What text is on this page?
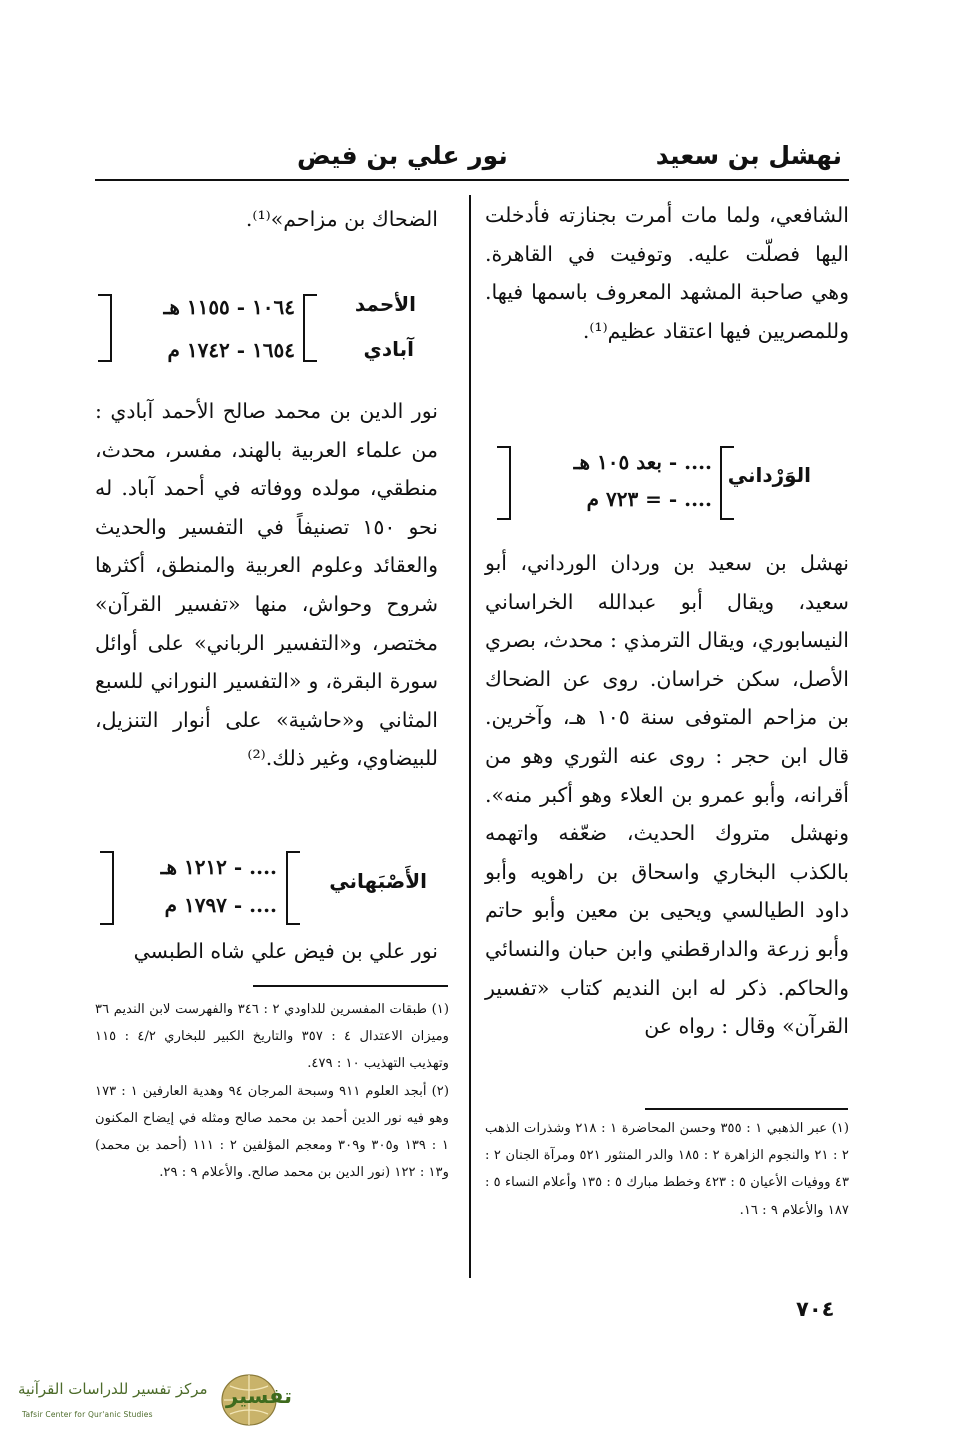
نهشل بن سعيد
نور علي بن فيض

الشافعي، ولما مات أمرت بجنازته فأدخلت اليها فصلّت عليه. وتوفيت في القاهرة. وهي صاحبة المشهد المعروف باسمها فيها. وللمصريين فيها اعتقاد عظيم⁽¹⁾.

الوَرْداني
.... - بعد ١٠٥ هـ
.... - = ٧٢٣ م

نهشل بن سعيد بن وردان الورداني، أبو سعيد، ويقال أبو عبدالله الخراساني النيسابوري، ويقال الترمذي : محدث، بصري الأصل، سكن خراسان. روى عن الضحاك بن مزاحم المتوفى سنة ١٠٥ هـ، وآخرين. قال ابن حجر : روى عنه الثوري وهو من أقرانه، وأبو عمرو بن العلاء وهو أكبر منه». ونهشل متروك الحديث، ضعّفه واتهمه بالكذب البخاري واسحاق بن راهويه وأبو داود الطيالسي ويحيى بن معين وأبو حاتم وأبو زرعة والدارقطني وابن حبان والنسائي والحاكم. ذكر له ابن النديم كتاب «تفسير القرآن» وقال : رواه عن

(١) عبر الذهبي ١ : ٣٥٥ وحسن المحاضرة ١ : ٢١٨ وشذرات الذهب ٢ : ٢١ والنجوم الزاهرة ٢ : ١٨٥ والدر المنثور ٥٢١ ومرآة الجنان ٢ : ٤٣ ووفيات الأعيان ٥ : ٤٢٣ وخطط مبارك ٥ : ١٣٥ وأعلام النساء ٥ : ١٨٧ والأعلام ٩ : ١٦.

الضحاك بن مزاحم»⁽¹⁾.

الأحمد
آبادي
١٠٦٤ - ١١٥٥ هـ
١٦٥٤ - ١٧٤٢ م

نور الدين بن محمد صالح الأحمد آبادي : من علماء العربية بالهند، مفسر، محدث، منطقي، مولده ووفاته في أحمد آباد. له نحو ١٥٠ تصنيفاً في التفسير والحديث والعقائد وعلوم العربية والمنطق، أكثرها شروح وحواش، منها «تفسير القرآن» مختصر، و«التفسير الرباني» على أوائل سورة البقرة، و «التفسير النوراني للسبع المثاني و«حاشية» على أنوار التنزيل، للبيضاوي، وغير ذلك.⁽²⁾

الأَصْبَهاني
.... - ١٢١٢ هـ
.... - ١٧٩٧ م

نور علي بن فيض علي شاه الطبسي

(١) طبقات المفسرين للداودي ٢ : ٣٤٦ والفهرست لابن النديم ٣٦ وميزان الاعتدال ٤ : ٣٥٧ والتاريخ الكبير للبخاري ٤/٢ : ١١٥ وتهذيب التهذيب ١٠ : ٤٧٩.

(٢) أبجد العلوم ٩١١ وسبحة المرجان ٩٤ وهدية العارفين ١ : ١٧٣ وهو فيه نور الدين أحمد بن محمد صالح ومثله في إيضاح المكنون ١ : ١٣٩ و٣٠٥ و٣٠٩ ومعجم المؤلفين ٢ : ١١١ (أحمد بن محمد) و١٣ : ١٢٢ (نور الدين بن محمد صالح. والأعلام ٩ : ٢٩.

٧٠٤
تفسير
مركز تفسير للدراسات القرآنية
Tafsir Center for Qur'anic Studies
